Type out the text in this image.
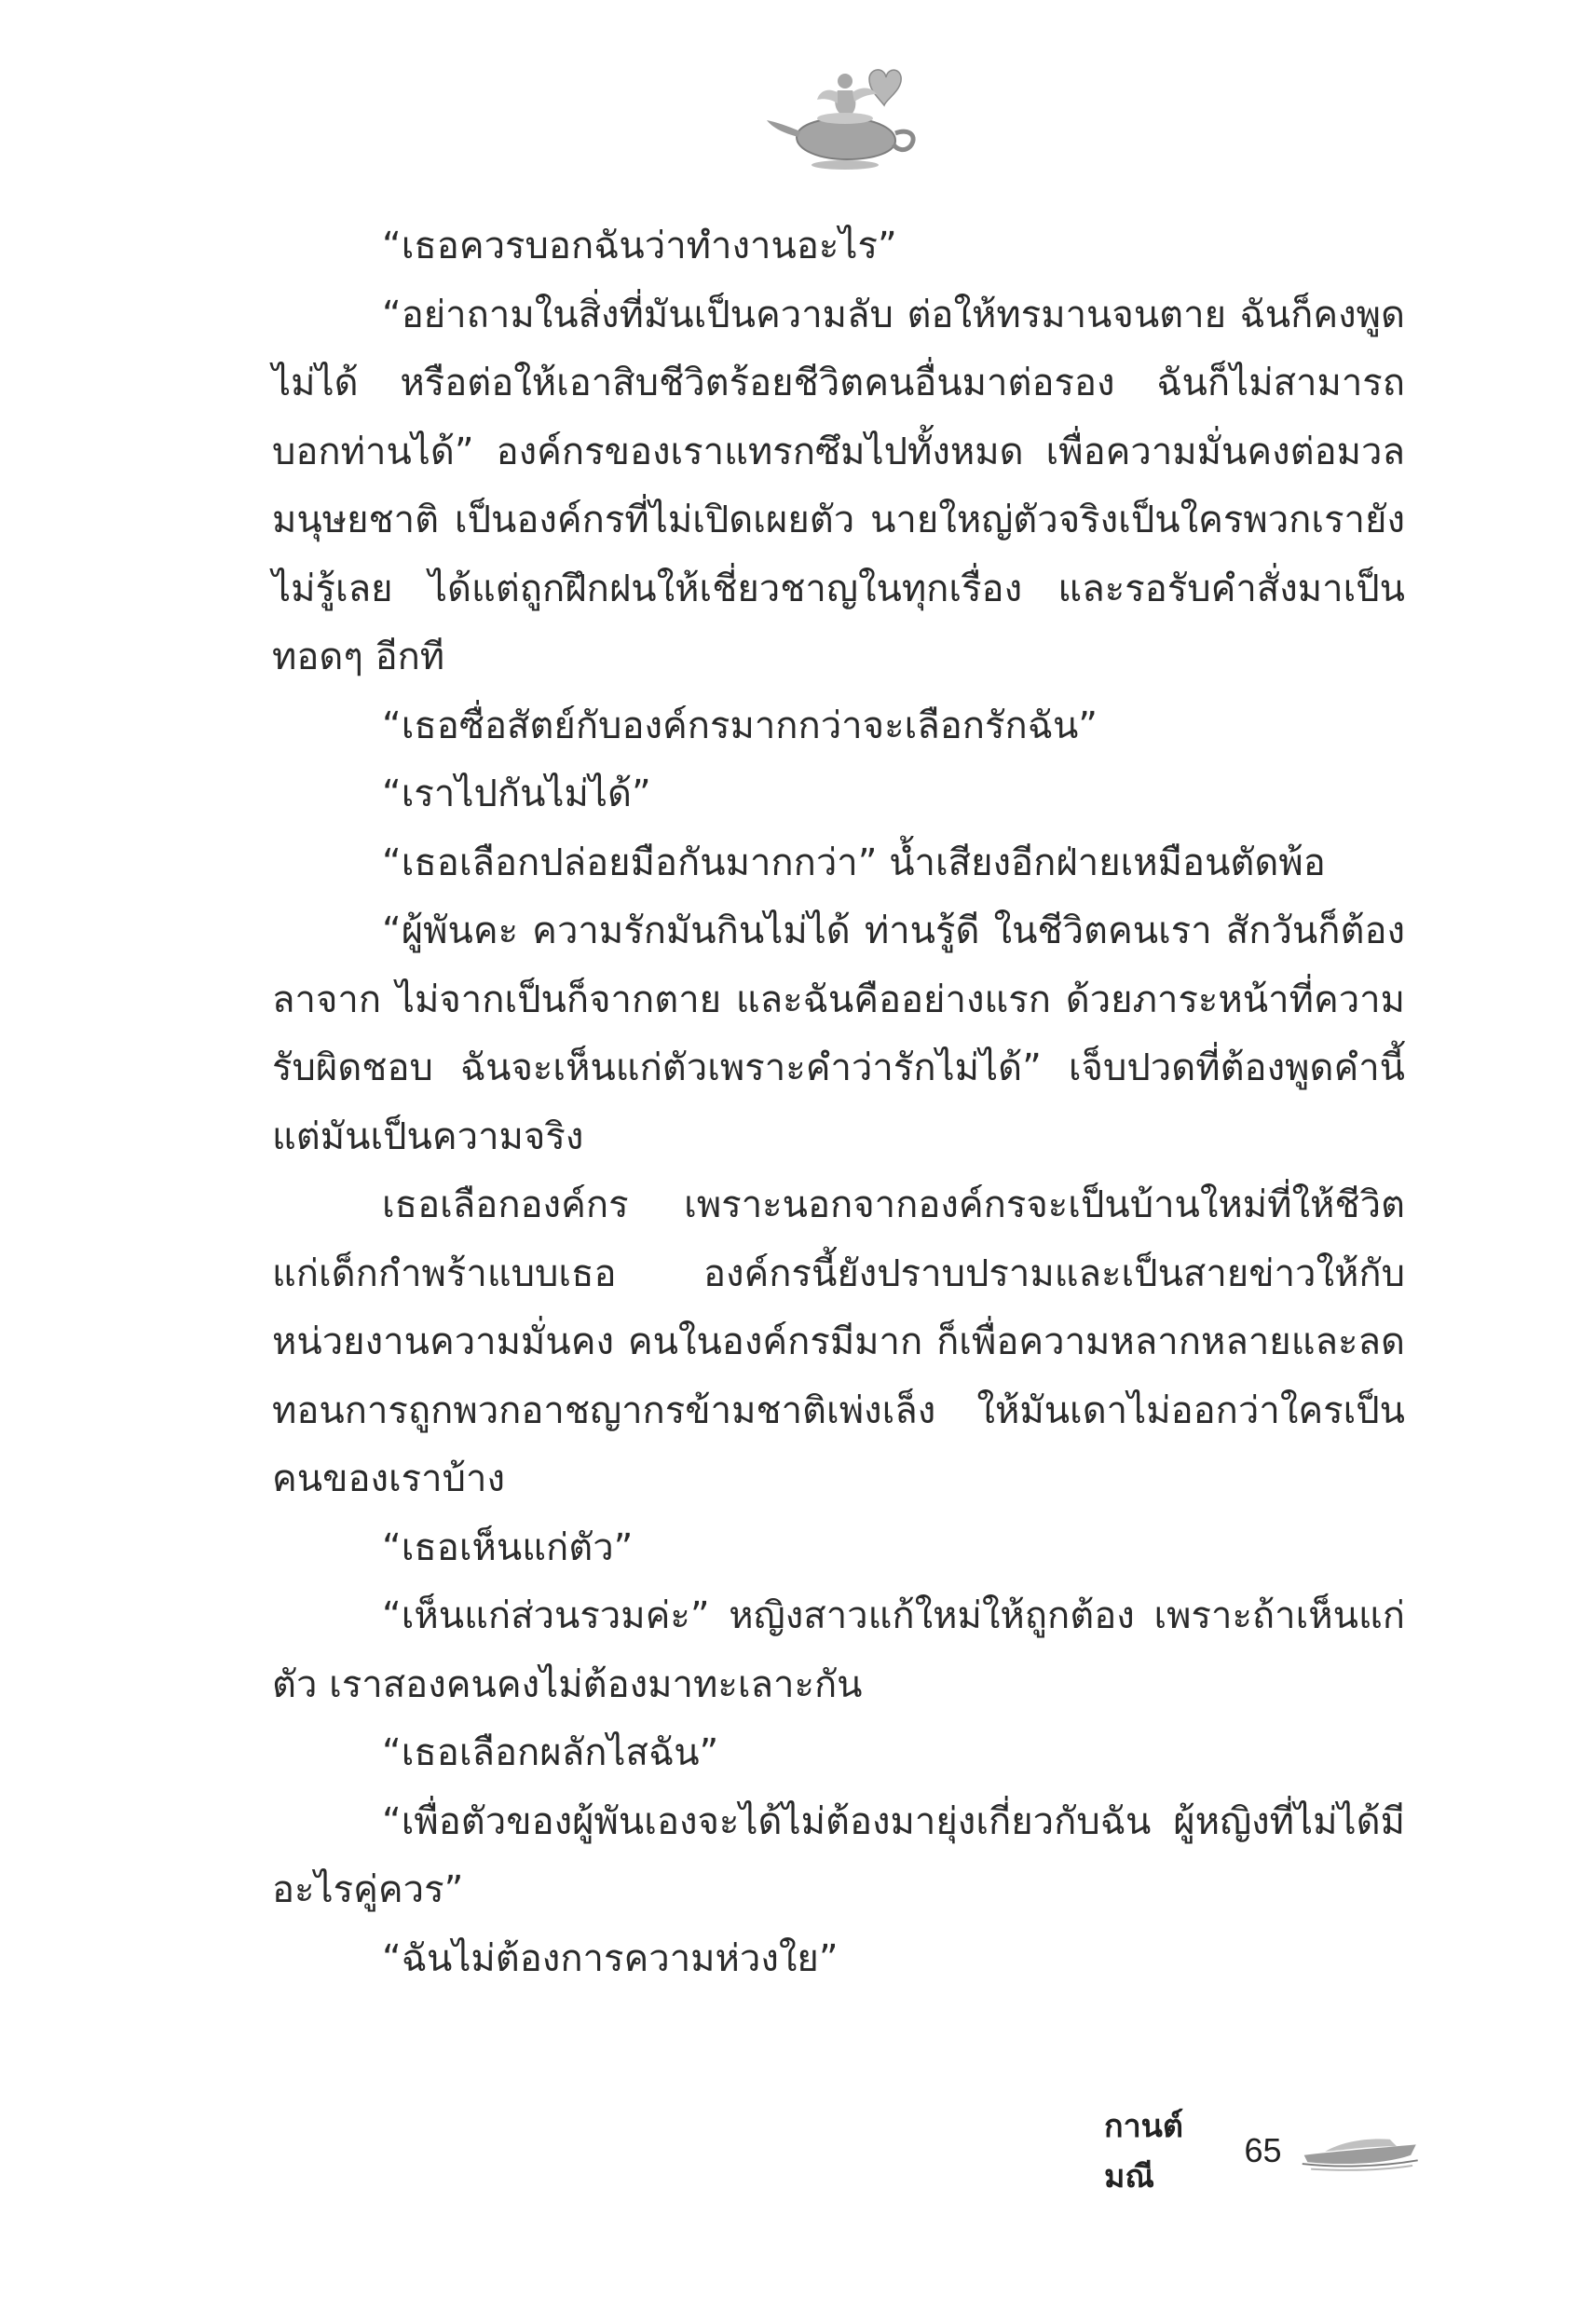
“เธอควรบอกฉันว่าทำงานอะไร”

“อย่าถามในสิ่งที่มันเป็นความลับ ต่อให้ทรมานจนตาย ฉันก็คงพูดไม่ได้ หรือต่อให้เอาสิบชีวิตร้อยชีวิตคนอื่นมาต่อรอง ฉันก็ไม่สามารถบอกท่านได้” องค์กรของเราแทรกซึมไปทั้งหมด เพื่อความมั่นคงต่อมวลมนุษยชาติ เป็นองค์กรที่ไม่เปิดเผยตัว นายใหญ่ตัวจริงเป็นใครพวกเรายังไม่รู้เลย ได้แต่ถูกฝึกฝนให้เชี่ยวชาญในทุกเรื่อง และรอรับคำสั่งมาเป็นทอดๆ อีกที

“เธอซื่อสัตย์กับองค์กรมากกว่าจะเลือกรักฉัน”

“เราไปกันไม่ได้”

“เธอเลือกปล่อยมือกันมากกว่า” น้ำเสียงอีกฝ่ายเหมือนตัดพ้อ

“ผู้พันคะ ความรักมันกินไม่ได้ ท่านรู้ดี ในชีวิตคนเรา สักวันก็ต้องลาจาก ไม่จากเป็นก็จากตาย และฉันคืออย่างแรก ด้วยภาระหน้าที่ความรับผิดชอบ ฉันจะเห็นแก่ตัวเพราะคำว่ารักไม่ได้” เจ็บปวดที่ต้องพูดคำนี้ แต่มันเป็นความจริง

เธอเลือกองค์กร เพราะนอกจากองค์กรจะเป็นบ้านใหม่ที่ให้ชีวิตแก่เด็กกำพร้าแบบเธอ องค์กรนี้ยังปราบปรามและเป็นสายข่าวให้กับหน่วยงานความมั่นคง คนในองค์กรมีมาก ก็เพื่อความหลากหลายและลดทอนการถูกพวกอาชญากรข้ามชาติเพ่งเล็ง ให้มันเดาไม่ออกว่าใครเป็นคนของเราบ้าง

“เธอเห็นแก่ตัว”

“เห็นแก่ส่วนรวมค่ะ” หญิงสาวแก้ใหม่ให้ถูกต้อง เพราะถ้าเห็นแก่ตัว เราสองคนคงไม่ต้องมาทะเลาะกัน

“เธอเลือกผลักไสฉัน”

“เพื่อตัวของผู้พันเองจะได้ไม่ต้องมายุ่งเกี่ยวกับฉัน ผู้หญิงที่ไม่ได้มีอะไรคู่ควร”

“ฉันไม่ต้องการความห่วงใย”

กานต์มณี
65
